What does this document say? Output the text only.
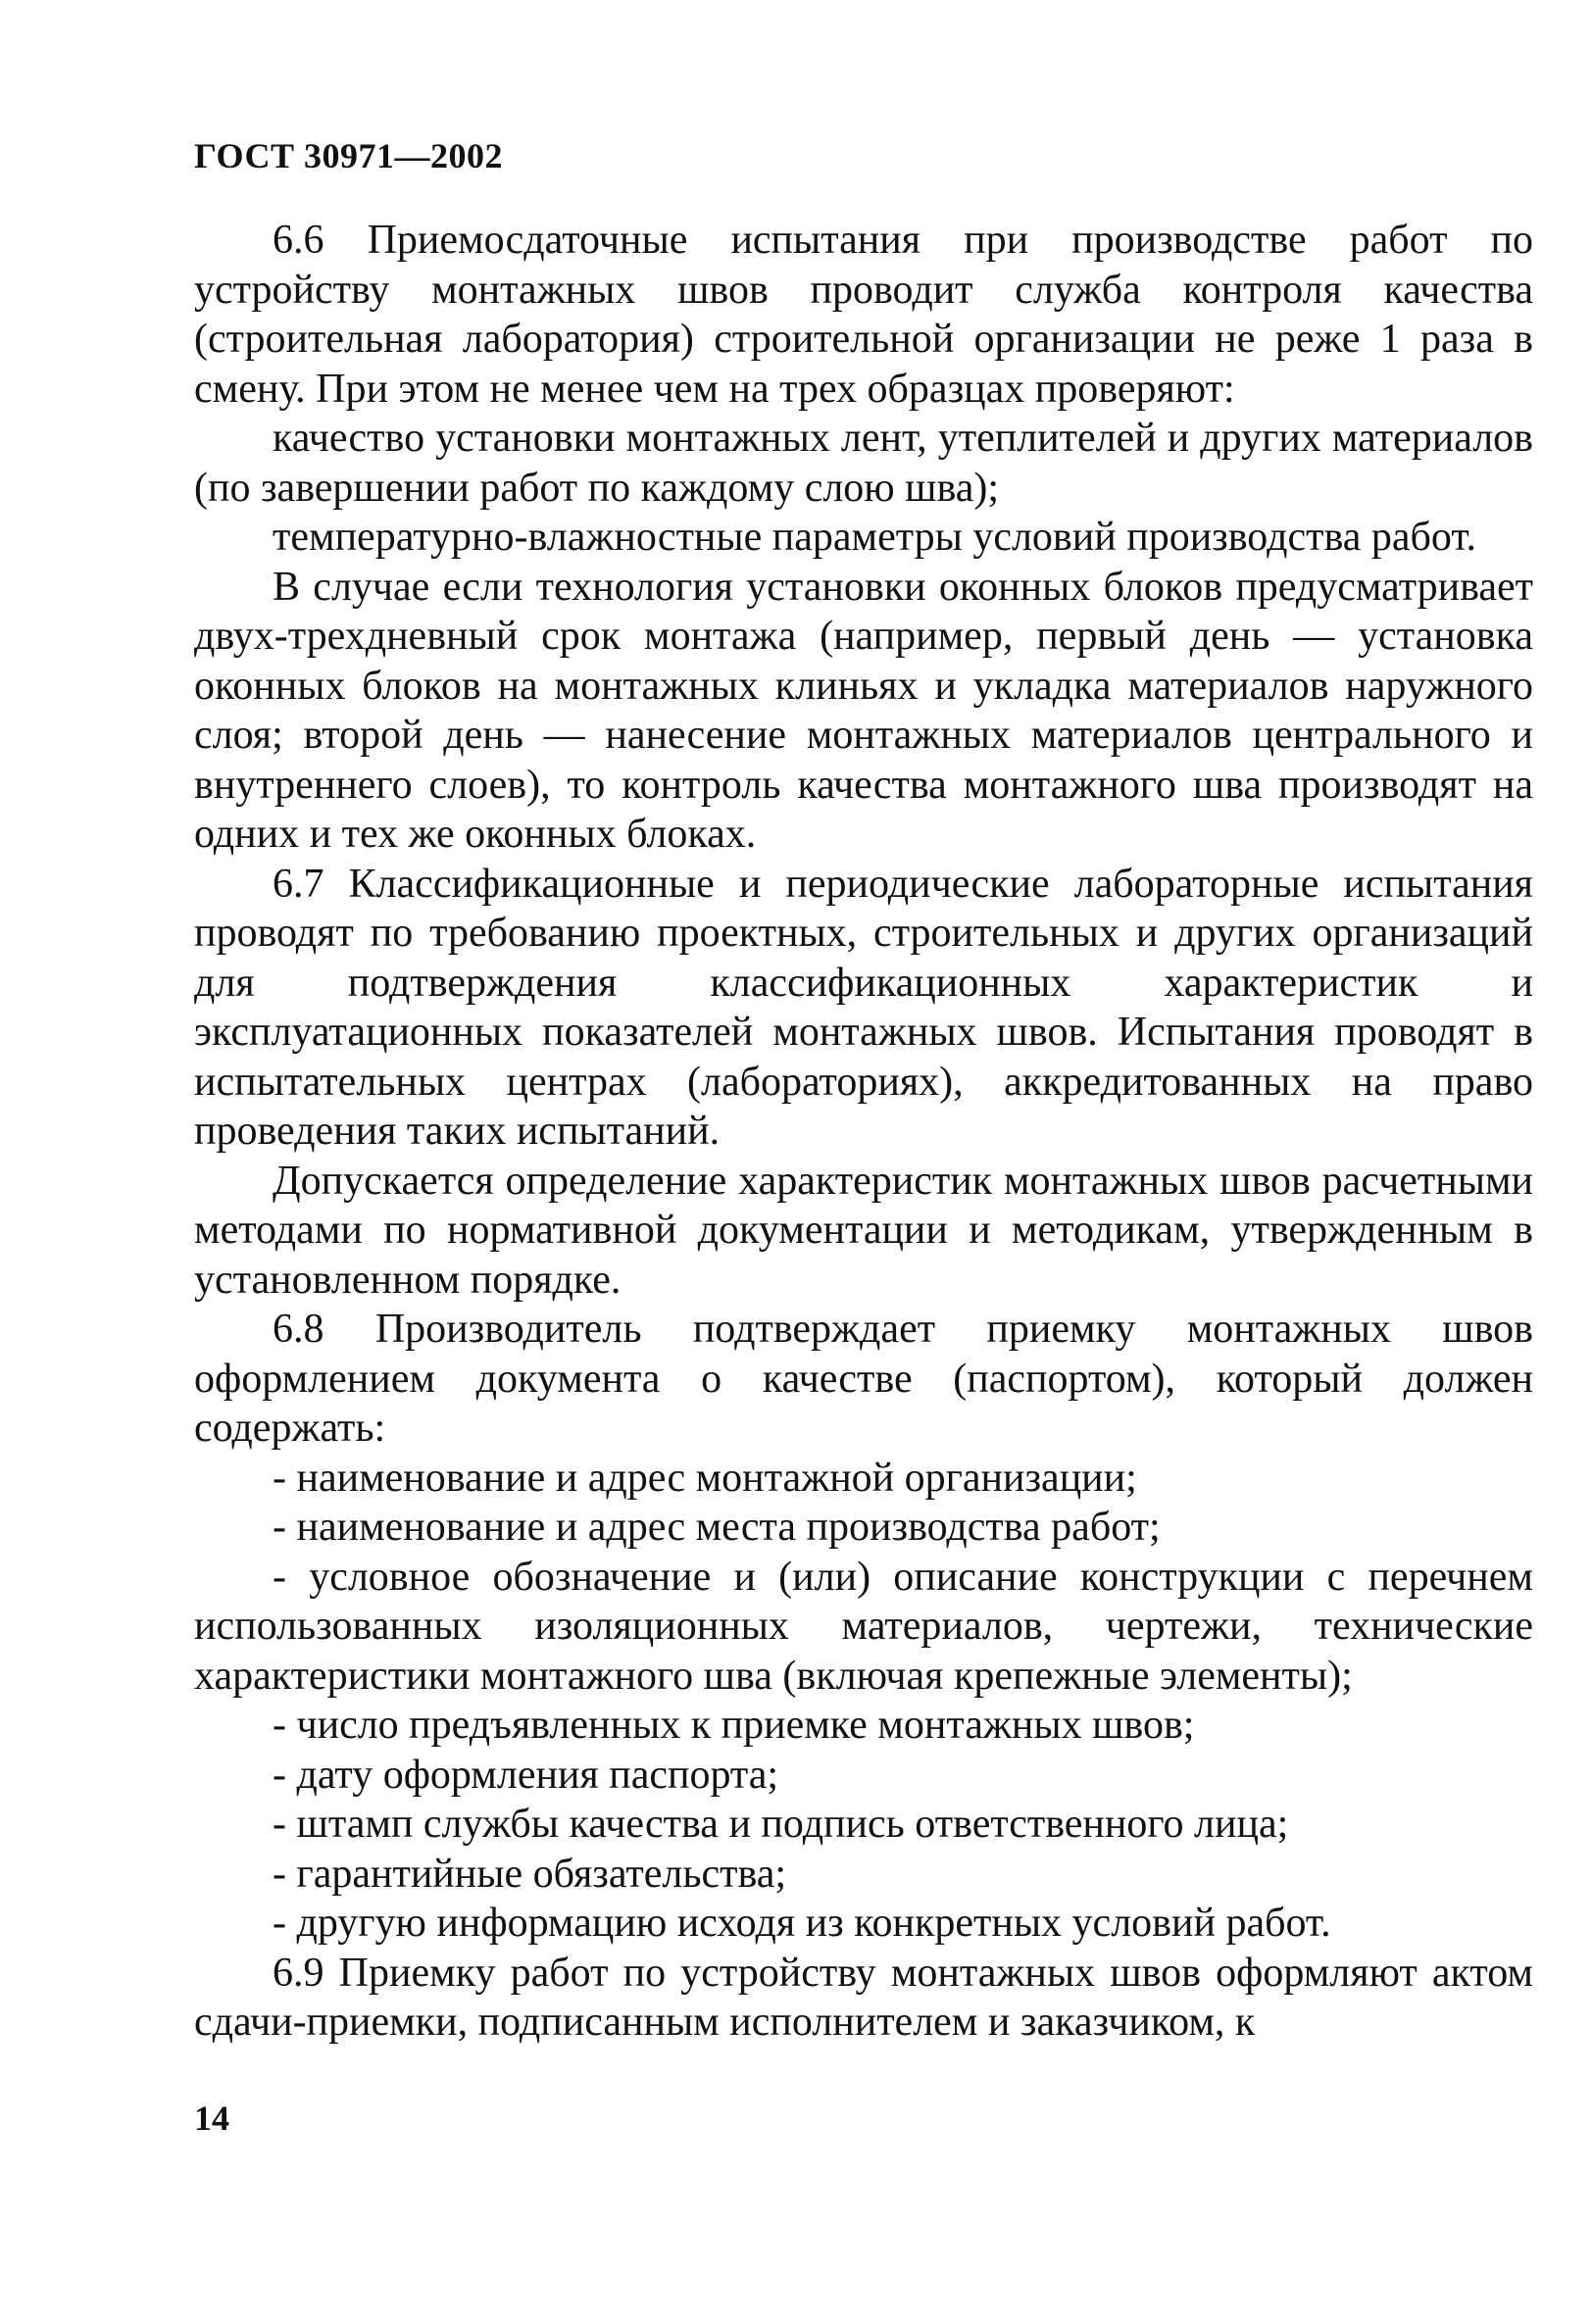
ГОСТ 30971—2002

6.6 Приемосдаточные испытания при производстве работ по устройству монтажных швов проводит служба контроля качества (строительная лаборатория) строительной организации не реже 1 раза в смену. При этом не менее чем на трех образцах проверяют:

качество установки монтажных лент, утеплителей и других материалов (по завершении работ по каждому слою шва);

температурно-влажностные параметры условий производства работ.

В случае если технология установки оконных блоков предусматривает двух-трехдневный срок монтажа (например, первый день — установка оконных блоков на монтажных клиньях и укладка материалов наружного слоя; второй день — нанесение монтажных материалов центрального и внутреннего слоев), то контроль качества монтажного шва производят на одних и тех же оконных блоках.

6.7 Классификационные и периодические лабораторные испытания проводят по требованию проектных, строительных и других организаций для подтверждения классификационных характеристик и эксплуатационных показателей монтажных швов. Испытания проводят в испытательных центрах (лабораториях), аккредитованных на право проведения таких испытаний.

Допускается определение характеристик монтажных швов расчетными методами по нормативной документации и методикам, утвержденным в установленном порядке.

6.8 Производитель подтверждает приемку монтажных швов оформлением документа о качестве (паспортом), который должен содержать:

- наименование и адрес монтажной организации;

- наименование и адрес места производства работ;

- условное обозначение и (или) описание конструкции с перечнем использованных изоляционных материалов, чертежи, технические характеристики монтажного шва (включая крепежные элементы);

- число предъявленных к приемке монтажных швов;

- дату оформления паспорта;

- штамп службы качества и подпись ответственного лица;

- гарантийные обязательства;

- другую информацию исходя из конкретных условий работ.

6.9 Приемку работ по устройству монтажных швов оформляют актом сдачи-приемки, подписанным исполнителем и заказчиком, к

14
